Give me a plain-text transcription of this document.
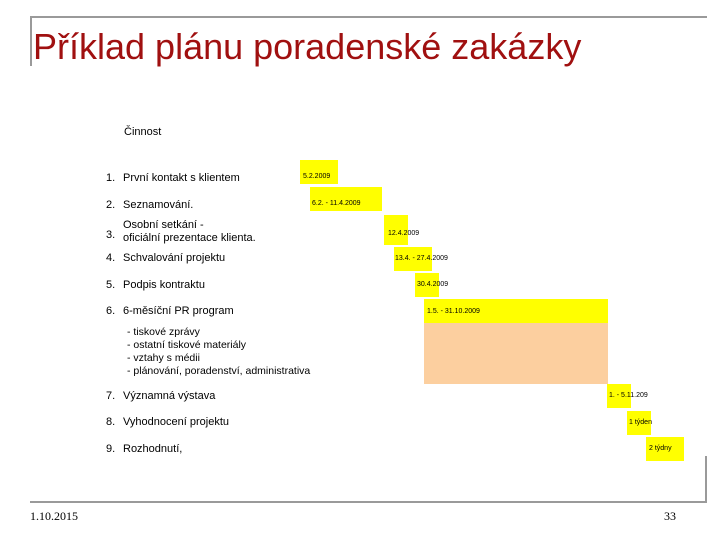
Příklad plánu poradenské zakázky
Činnost
1. První kontakt s klientem
2. Seznamování.
3.
Osobní setkání -
oficiální prezentace klienta.
4. Schvalování projektu
5. Podpis kontraktu
6. 6-měsíční PR program
- tiskové zprávy
- ostatní tiskové materiály
- vztahy s médii
- plánování, poradenství, administrativa
7. Významná výstava
8. Vyhodnocení projektu
9. Rozhodnutí,
5.2.2009
6.2. - 11.4.2009
12.4.2009
13.4. - 27.4.2009
30.4.2009
1.5. - 31.10.2009
1. - 5.11.209
1 týden
2 týdny
1.10.2015	33
